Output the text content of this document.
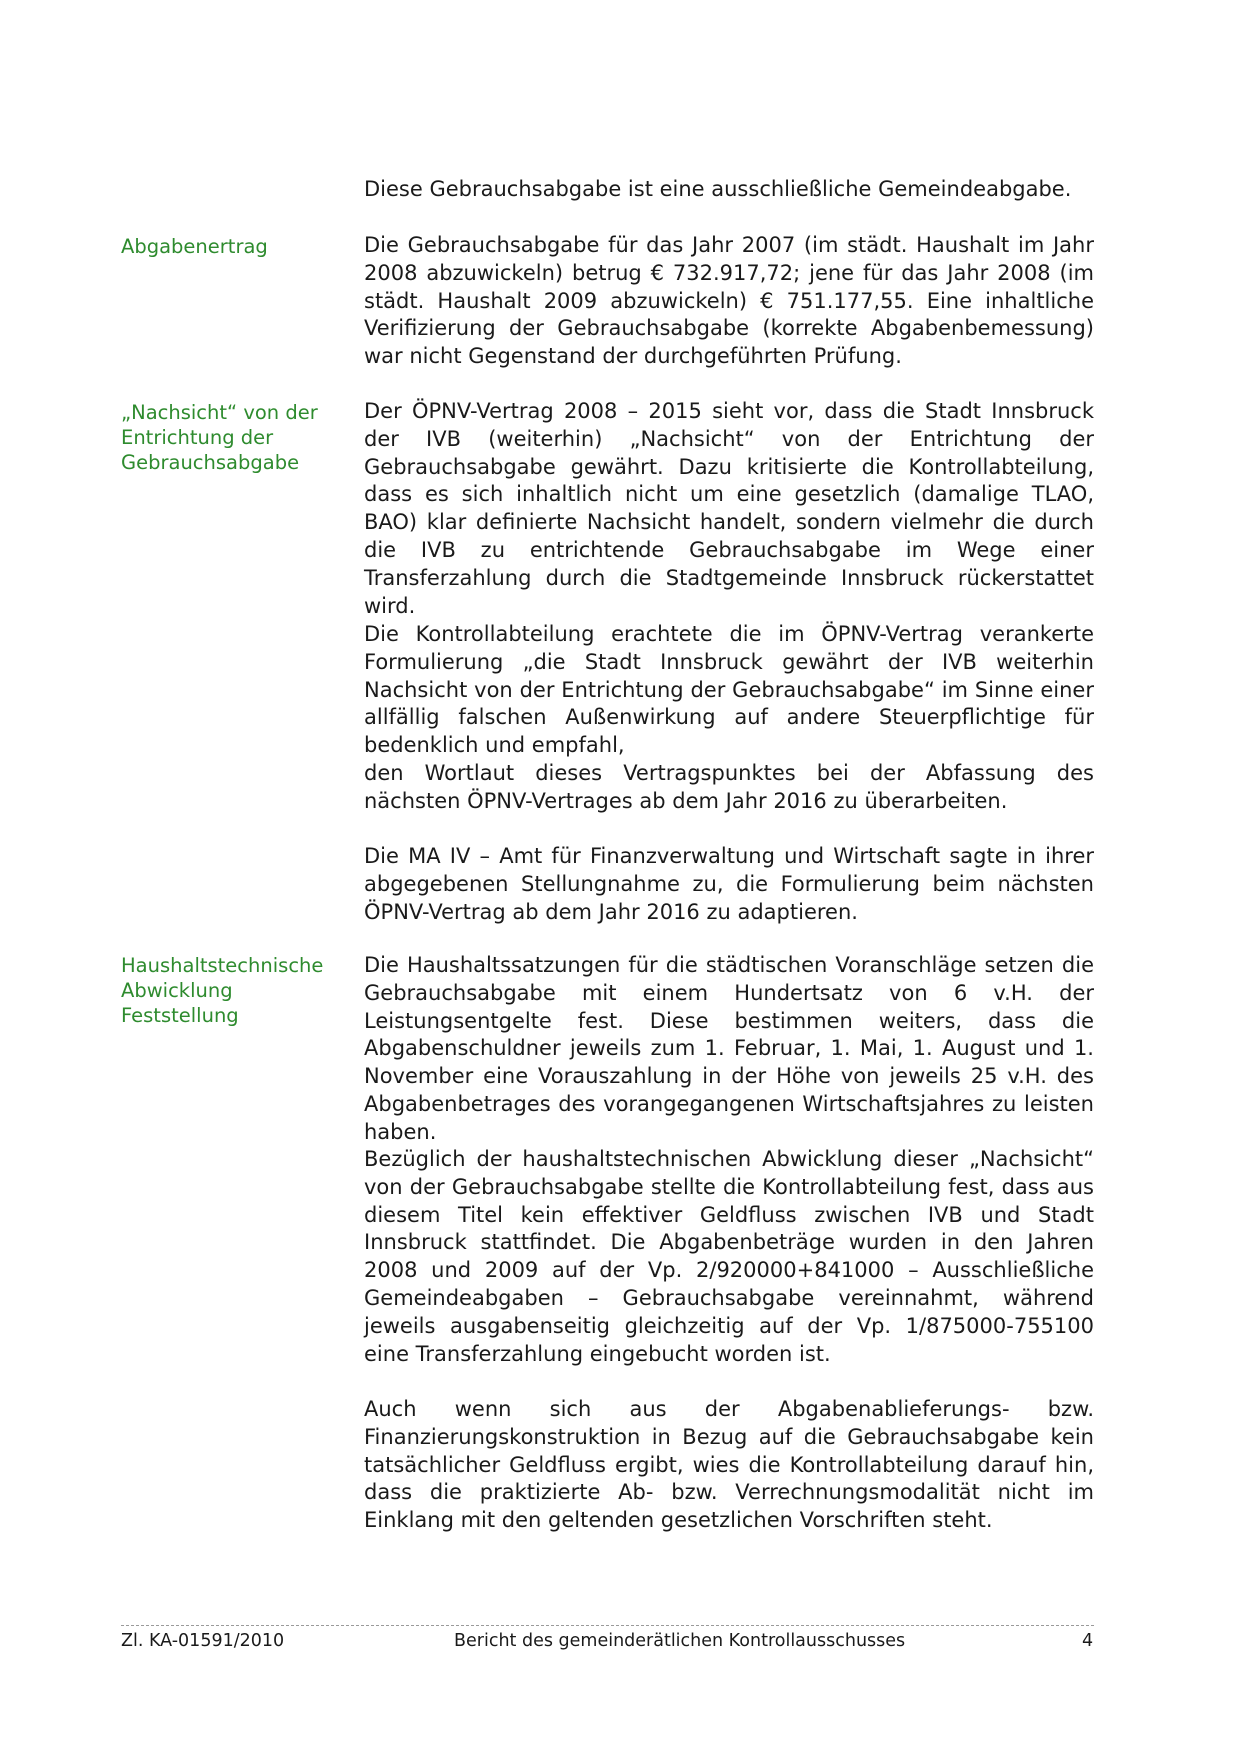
Diese Gebrauchsabgabe ist eine ausschließliche Gemeindeabgabe.
Abgabenertrag	Die Gebrauchsabgabe für das Jahr 2007 (im städt. Haushalt im Jahr 2008 abzuwickeln) betrug € 732.917,72; jene für das Jahr 2008 (im städt. Haushalt 2009 abzuwickeln) € 751.177,55. Eine inhaltliche Verifizierung der Gebrauchsabgabe (korrekte Abgabenbemessung) war nicht Gegenstand der durchgeführten Prüfung.
„Nachsicht“ von der
Entrichtung der
Gebrauchsabgabe
Der ÖPNV-Vertrag 2008 – 2015 sieht vor, dass die Stadt Innsbruck der IVB (weiterhin) „Nachsicht“ von der Entrichtung der Gebrauchsabgabe gewährt. Dazu kritisierte die Kontrollabteilung, dass es sich inhaltlich nicht um eine gesetzlich (damalige TLAO, BAO) klar definierte Nachsicht handelt, sondern vielmehr die durch die IVB zu entrichtende Gebrauchsabgabe im Wege einer Transferzahlung durch die Stadtgemeinde Innsbruck rückerstattet wird.
Die Kontrollabteilung erachtete die im ÖPNV-Vertrag verankerte Formulierung „die Stadt Innsbruck gewährt der IVB weiterhin Nachsicht von der Entrichtung der Gebrauchsabgabe“ im Sinne einer allfällig falschen Außenwirkung auf andere Steuerpflichtige für bedenklich und empfahl,
den Wortlaut dieses Vertragspunktes bei der Abfassung des nächsten ÖPNV-Vertrages ab dem Jahr 2016 zu überarbeiten.
Die MA IV – Amt für Finanzverwaltung und Wirtschaft sagte in ihrer abgegebenen Stellungnahme zu, die Formulierung beim nächsten ÖPNV-Vertrag ab dem Jahr 2016 zu adaptieren.
Haushaltstechnische
Abwicklung
Feststellung
Die Haushaltssatzungen für die städtischen Voranschläge setzen die Gebrauchsabgabe mit einem Hundertsatz von 6 v.H. der Leistungsentgelte fest. Diese bestimmen weiters, dass die Abgabenschuldner jeweils zum 1. Februar, 1. Mai, 1. August und 1. November eine Vorauszahlung in der Höhe von jeweils 25 v.H. des Abgabenbetrages des vorangegangenen Wirtschaftsjahres zu leisten haben.
Bezüglich der haushaltstechnischen Abwicklung dieser „Nachsicht“ von der Gebrauchsabgabe stellte die Kontrollabteilung fest, dass aus diesem Titel kein effektiver Geldfluss zwischen IVB und Stadt Innsbruck stattfindet. Die Abgabenbeträge wurden in den Jahren 2008 und 2009 auf der Vp. 2/920000+841000 – Ausschließliche Gemeindeabgaben – Gebrauchsabgabe vereinnahmt, während jeweils ausgabenseitig gleichzeitig auf der Vp. 1/875000-755100 eine Transferzahlung eingebucht worden ist.
Auch wenn sich aus der Abgabenablieferungs- bzw. Finanzierungskonstruktion in Bezug auf die Gebrauchsabgabe kein tatsächlicher Geldfluss ergibt, wies die Kontrollabteilung darauf hin, dass die praktizierte Ab- bzw. Verrechnungsmodalität nicht im Einklang mit den geltenden gesetzlichen Vorschriften steht.
Zl. KA-01591/2010	Bericht des gemeinderätlichen Kontrollausschusses	4
